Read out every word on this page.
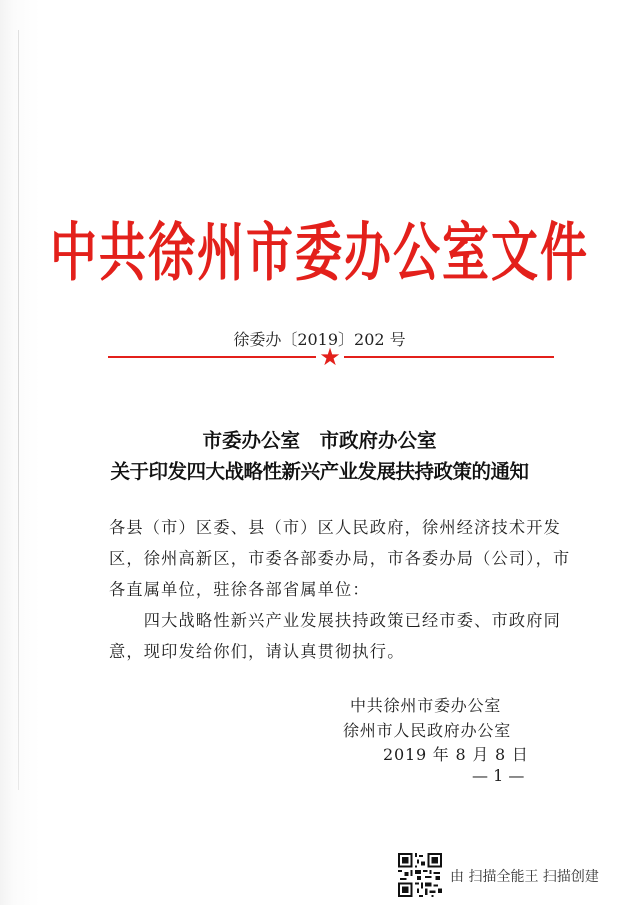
中共徐州市委办公室文件
徐委办〔2019〕202 号
★
市委办公室　市政府办公室
关于印发四大战略性新兴产业发展扶持政策的通知
各县（市）区委、县（市）区人民政府，徐州经济技术开发
区，徐州高新区，市委各部委办局，市各委办局（公司），市
各直属单位，驻徐各部省属单位：
　　四大战略性新兴产业发展扶持政策已经市委、市政府同
意，现印发给你们，请认真贯彻执行。
中共徐州市委办公室
徐州市人民政府办公室
2019 年 8 月 8 日
— 1 —
由 扫描全能王 扫描创建
